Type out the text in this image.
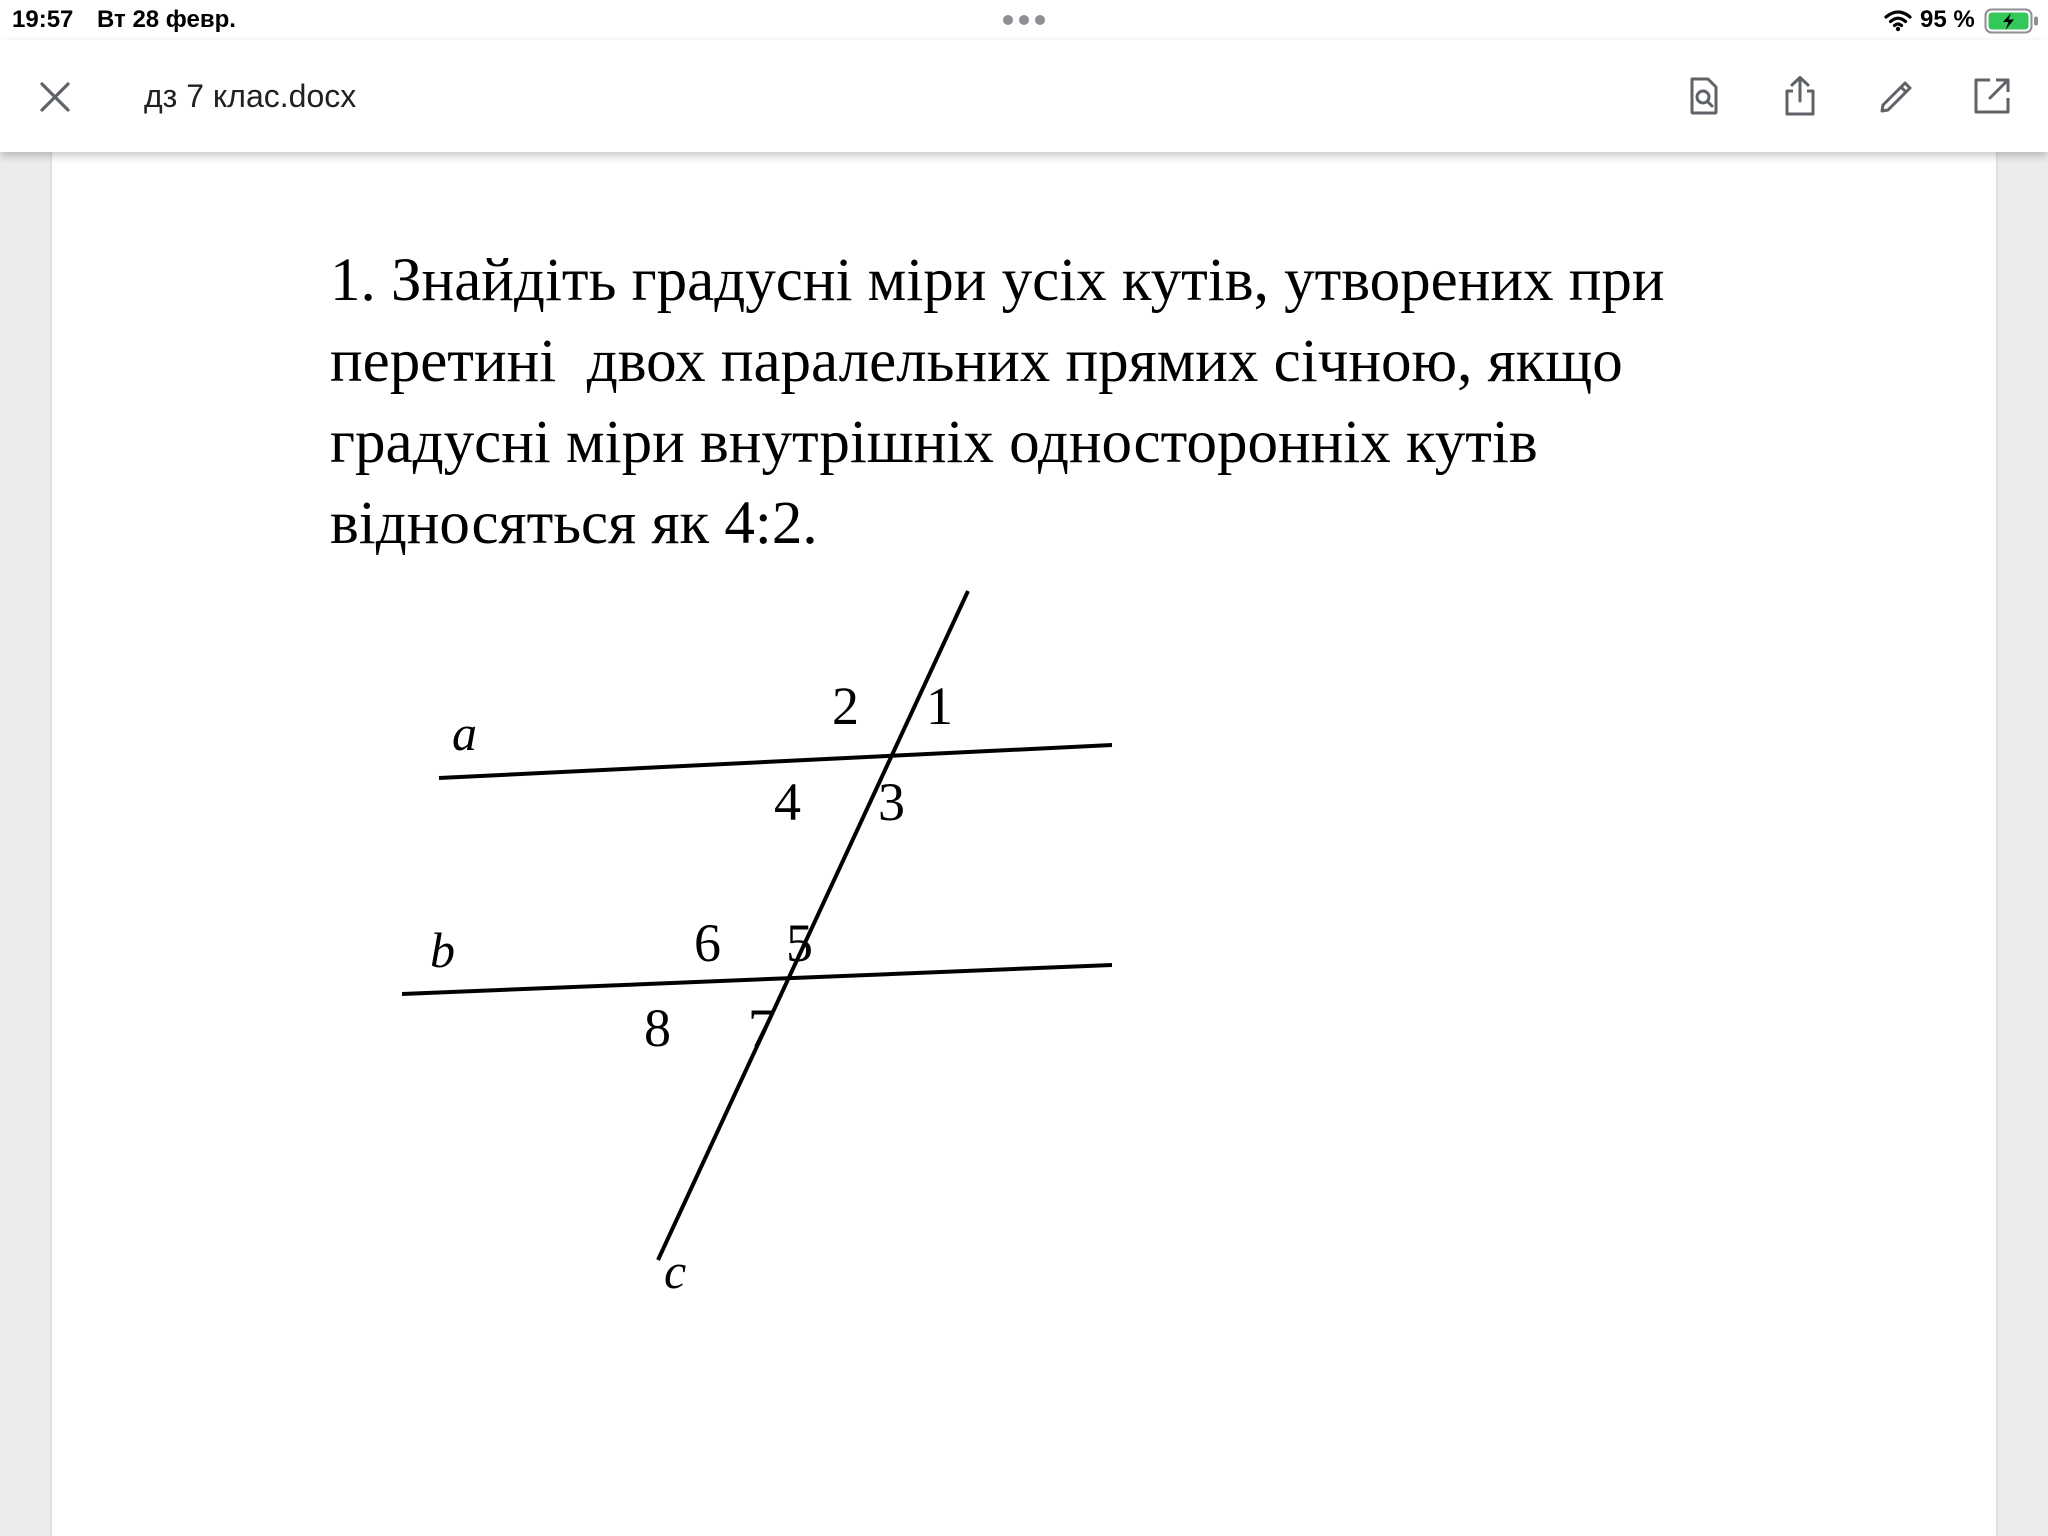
19:57 Вт 28 февр.	95 %
дз 7 клас.docx

1. Знайдіть градусні міри усіх кутів, утворених при
перетині  двох паралельних прямих січною, якщо
градусні міри внутрішніх односторонніх кутів
відносяться як 4:2.

a
b
c
1
2
3
4
5
6
7
8
